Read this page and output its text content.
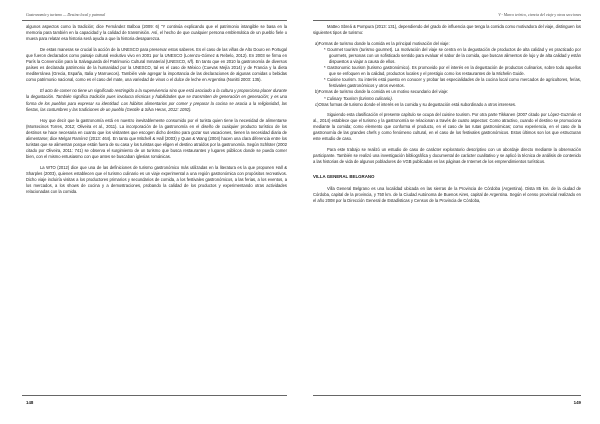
Gastronomía y turismo — Destino local y patronal

algunos aspectos como la tradición; dice Fernández Balboa (2009: 6) "Y continúa explicando que el patrimonio intangible se basa en la memoria para también en la capacidad y la calidad de transmisión. Así, el hecho de que cualquier persona emblemática de un pueblo fiele o muera para relatar esa historia será ayuda a que la historia desaparezca.

De estas maneras se crucial la acción de la UNESCO para preservar estos saberes. Es el caso de las viñas de Alto Douro en Portugal que fueron declarados como paisaje cultural evolutivo vivo en 2001 por la UNESCO (Lorenzo-Gómez & Rebelo, 2012). En 2003 se firma en París la Convención para la Salvaguarda del Patrimonio Cultural Inmaterial (UNESCO, s/f). En tanto que en 2010 la gastronomía de diversos países es declarada patrimonio de la humanidad por la UNESCO, tal es el caso de México (Cuevas Mejía 2014) y de Francia y la dieta mediterránea (Grecia, España, Italia y Marruecos). También vale agregar la importancia de las declaraciones de algunas comidas o bebidas como patrimonio nacional, como es el caso del mate, una variedad de vinos o el dulce de leche en Argentina (Nonitti 2003: 135).

El acto de comer no tiene un significado restringido a la supervivencia sino que está asociado a la cultura y proporciona placer durante la degustación. También significa tradición pues involucra técnicas y habilidades que se transmiten de generación en generación; y es una forma de los pueblos para expresar su identidad. Los hábitos alimentarios por comer y preparar la cocina se asocia a la religiosidad, las fiestas, las costumbres y las tradiciones de un pueblo (Gentile & Silva Heras, 2012: 1092).

Hoy que decir que la gastronomía está en nuestro inevitablemente consumido por el turista quien tiene la necesidad de alimentarse (Montecinos Torres, 2012; Oliveira et al., 2011). La incorporación de la gastronomía en el diseño de cualquier producto turístico de los destinos se hace necesaria en cuanto que los visitantes que escogen dicho destino para gozar sus vacaciones, tienen la necesidad diaria de alimentarse; dice Melgar Ramírez (2013: 464). En tanto que Mitchell & Hall (2003) y Quan & Wang (2004) hacen una clara diferencia entre los turistas que se alimentan porque están fuera de su casa y los turistas que eligen el destino atraídos por la gastronomía. Según Schlüter (2002 citado por Oliveira, 2011: 741) se observa el surgimiento de un turismo que busca restaurantes y lugares públicos donde se pueda comer bien, con el mismo entusiasmo con que antes se buscaban iglesias románicas.

La WTO (2012) dice que una de las definiciones de turismo gastronómico más utilizadas en la literatura es la que proponen Hall & Sharples (2003), quienes establecen que el turismo culinario es un viaje experimental a una región gastronómica con propósitos recreativos. Dicho viaje incluiría visitas a los productores primarios y secundarios de comida, a los festivales gastronómicos, a las ferias, a los eventos, a los mercados, a los shows de cocina y a demostraciones, probando la calidad de los productos y experimentando otras actividades relacionadas con la comida.

148
V - Marco teórico, ciencia del viaje y otras secciones

Matteo Sbreá & Pompura (2013: 131), dependiendo del grado de influencia que tenga la comida como motivadora del viaje, distinguen los siguientes tipos de turismo:

a)Formas de turismo donde la comida es la principal motivación del viaje:
* Gourmet tourism (turismo gourmet). La motivación del viaje se centra en la degustación de productos de alta calidad y es practicado por gourmets, personas con un sofisticado sentido para evaluar el sabor de la comida, que buscan alimentos de lujo y de alta calidad y están dispuestos a viajar a causa de ellos.
* Gastronomic tourism (turismo gastronómico). Es promovido por el interés en la degustación de productos culinarios, sobre todo aquellos que se enfoquen en la calidad, productos locales y el prestigio como los restaurantes de la Michelin Guide.
* Cuisine tourism. Su interés está puesto en conocer y probar las especialidades de la cocina local como mercados de agricultores, ferias, festivales gastronómicos y otros eventos.
b)Formas de turismo donde la comida es un motivo secundario del viaje:
* Culinary Tourism (turismo culinario).
c)Otras formas de turismo donde el interés en la comida y su degustación está subordinado a otros intereses.

Siguiendo esta clasificación el presente capítulo se ocupa del cuisine tourism. Por otra parte Tikkanen (2007 citado por López-Guzmán et al., 2014) establece que el turismo y la gastronomía se relacionan a través de cuatro aspectos: Como atractivo, cuando el destino se promociona mediante la comida; como elemento que conforma el producto, en el caso de las rutas gastronómicas; como experiencia, en el caso de la gastronomía de las grandes chefs y como fenómeno cultural, en el caso de los festivales gastronómicos. Estos últimos son los que estructuran este estudio de caso.

Para este trabajo se realizó un estudio de caso de carácter exploratorio descriptivo con un abordaje directo mediante la observación participante. También se realizó una investigación bibliográfica y documental de carácter cualitativo y se aplicó la técnica de análisis de contenido a las historias de vida de algunos pobladores de VGB publicadas en las páginas de Internet de los emprendimientos turísticos.

VILLA GENERAL BELGRANO

Villa General Belgrano es una localidad ubicada en las sierras de la Provincia de Córdoba (Argentina). Dista 85 km. de la ciudad de Córdoba, capital de la provincia, y 750 km. de la Ciudad Autónoma de Buenos Aires, capital de Argentina. Según el censo provincial realizado en el año 2008 por la Dirección General de Estadísticas y Censos de la Provincia de Córdoba,

149
